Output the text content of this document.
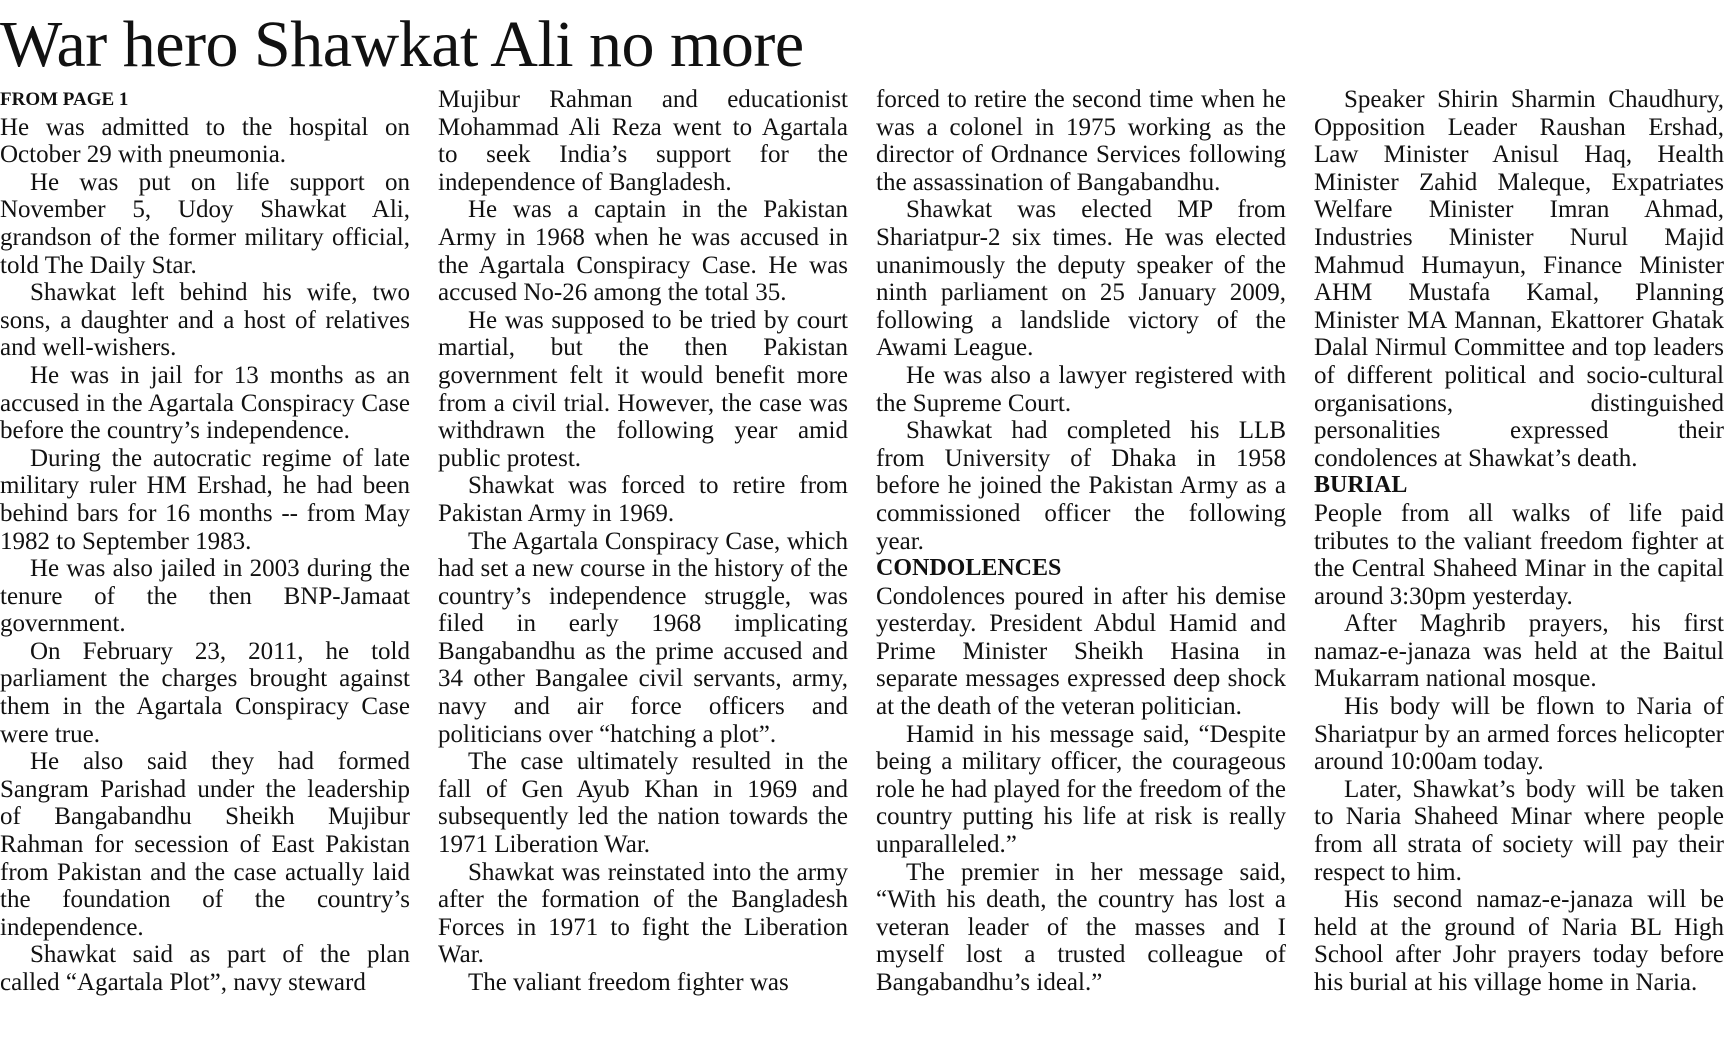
War hero Shawkat Ali no more
FROM PAGE 1

He was admitted to the hospital on October 29 with pneumonia.

He was put on life support on November 5, Udoy Shawkat Ali, grandson of the former military official, told The Daily Star.

Shawkat left behind his wife, two sons, a daughter and a host of relatives and well-wishers.

He was in jail for 13 months as an accused in the Agartala Conspiracy Case before the country’s independence.

During the autocratic regime of late military ruler HM Ershad, he had been behind bars for 16 months -- from May 1982 to September 1983.

He was also jailed in 2003 during the tenure of the then BNP-Jamaat government.

On February 23, 2011, he told parliament the charges brought against them in the Agartala Conspiracy Case were true.

He also said they had formed Sangram Parishad under the leadership of Bangabandhu Sheikh Mujibur Rahman for secession of East Pakistan from Pakistan and the case actually laid the foundation of the country’s independence.

Shawkat said as part of the plan called “Agartala Plot”, navy steward

Mujibur Rahman and educationist Mohammad Ali Reza went to Agartala to seek India’s support for the independence of Bangladesh.

He was a captain in the Pakistan Army in 1968 when he was accused in the Agartala Conspiracy Case. He was accused No-26 among the total 35.

He was supposed to be tried by court martial, but the then Pakistan government felt it would benefit more from a civil trial. However, the case was withdrawn the following year amid public protest.

Shawkat was forced to retire from Pakistan Army in 1969.

The Agartala Conspiracy Case, which had set a new course in the history of the country’s independence struggle, was filed in early 1968 implicating Bangabandhu as the prime accused and 34 other Bangalee civil servants, army, navy and air force officers and politicians over “hatching a plot”.

The case ultimately resulted in the fall of Gen Ayub Khan in 1969 and subsequently led the nation towards the 1971 Liberation War.

Shawkat was reinstated into the army after the formation of the Bangladesh Forces in 1971 to fight the Liberation War.

The valiant freedom fighter was

forced to retire the second time when he was a colonel in 1975 working as the director of Ordnance Services following the assassination of Bangabandhu.

Shawkat was elected MP from Shariatpur-2 six times. He was elected unanimously the deputy speaker of the ninth parliament on 25 January 2009, following a landslide victory of the Awami League.

He was also a lawyer registered with the Supreme Court.

Shawkat had completed his LLB from University of Dhaka in 1958 before he joined the Pakistan Army as a commissioned officer the following year.

CONDOLENCES

Condolences poured in after his demise yesterday. President Abdul Hamid and Prime Minister Sheikh Hasina in separate messages expressed deep shock at the death of the veteran politician.

Hamid in his message said, “Despite being a military officer, the courageous role he had played for the freedom of the country putting his life at risk is really unparalleled.”

The premier in her message said, “With his death, the country has lost a veteran leader of the masses and I myself lost a trusted colleague of Bangabandhu’s ideal.”

Speaker Shirin Sharmin Chaudhury, Opposition Leader Raushan Ershad, Law Minister Anisul Haq, Health Minister Zahid Maleque, Expatriates Welfare Minister Imran Ahmad, Industries Minister Nurul Majid Mahmud Humayun, Finance Minister AHM Mustafa Kamal, Planning Minister MA Mannan, Ekattorer Ghatak Dalal Nirmul Committee and top leaders of different political and socio-cultural organisations, distinguished personalities expressed their condolences at Shawkat’s death.

BURIAL

People from all walks of life paid tributes to the valiant freedom fighter at the Central Shaheed Minar in the capital around 3:30pm yesterday.

After Maghrib prayers, his first namaz-e-janaza was held at the Baitul Mukarram national mosque.

His body will be flown to Naria of Shariatpur by an armed forces helicopter around 10:00am today.

Later, Shawkat’s body will be taken to Naria Shaheed Minar where people from all strata of society will pay their respect to him.

His second namaz-e-janaza will be held at the ground of Naria BL High School after Johr prayers today before his burial at his village home in Naria.
